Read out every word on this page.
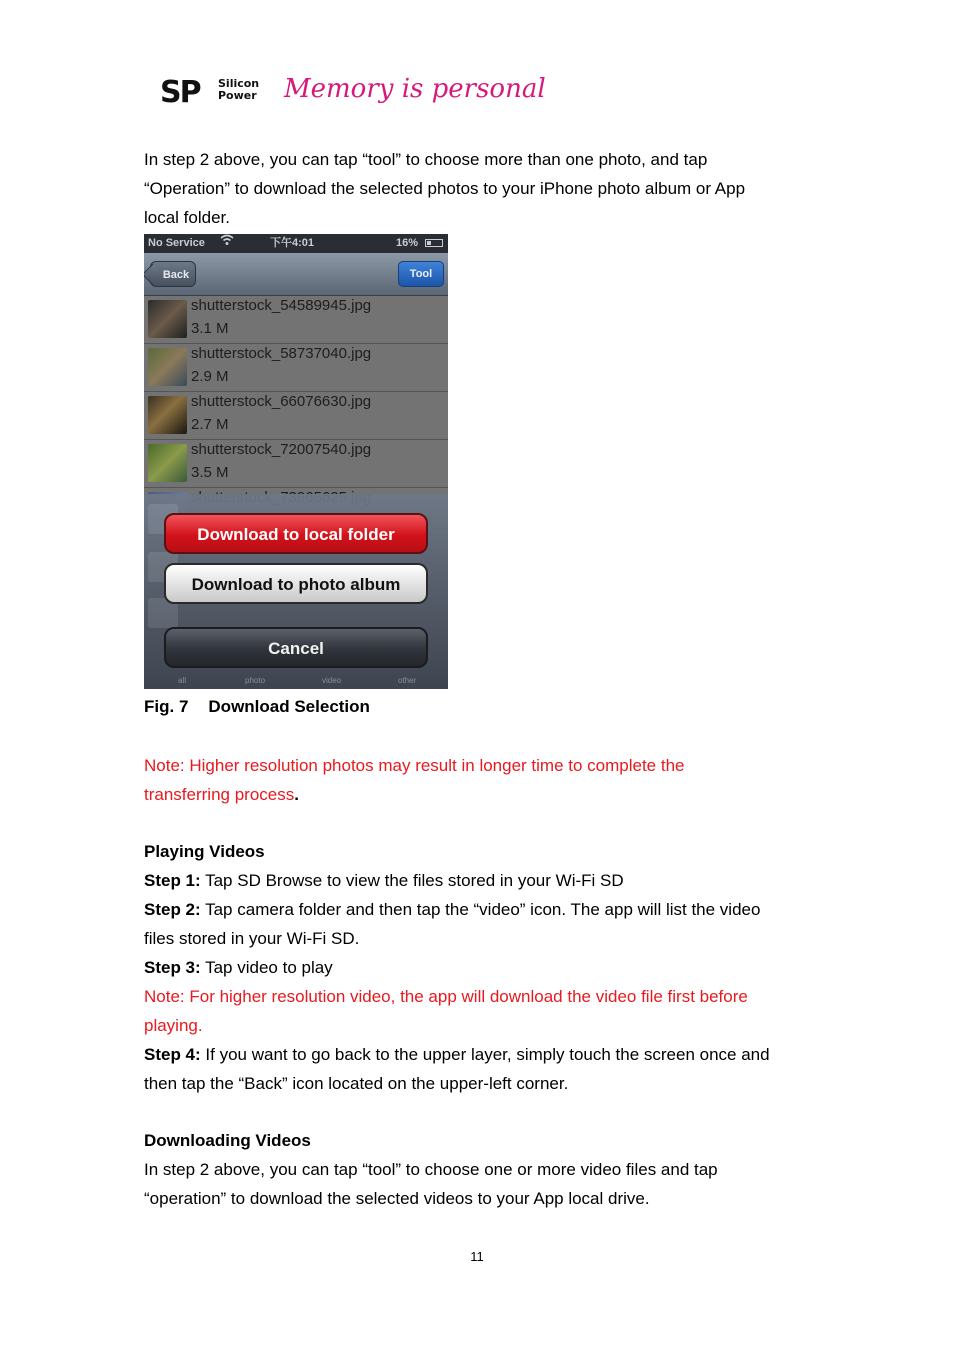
SP Silicon
Power Memory is personal
In step 2 above, you can tap “tool” to choose more than one photo, and tap
“Operation” to download the selected photos to your iPhone photo album or App
local folder.
No Service	下午4:01	16%
Back	Tool
shutterstock_54589945.jpg
3.1 M
shutterstock_58737040.jpg
2.9 M
shutterstock_66076630.jpg
2.7 M
shutterstock_72007540.jpg
3.5 M
Download to local folder
Download to photo album
Cancel
all	photo	video	other
Fig. 7 Download Selection
Note: Higher resolution photos may result in longer time to complete the
transferring process.
Playing Videos
Step 1: Tap SD Browse to view the files stored in your Wi-Fi SD
Step 2: Tap camera folder and then tap the “video” icon. The app will list the video
files stored in your Wi-Fi SD.
Step 3: Tap video to play
Note: For higher resolution video, the app will download the video file first before
playing.
Step 4: If you want to go back to the upper layer, simply touch the screen once and
then tap the “Back” icon located on the upper-left corner.
Downloading Videos
In step 2 above, you can tap “tool” to choose one or more video files and tap
“operation” to download the selected videos to your App local drive.
11
